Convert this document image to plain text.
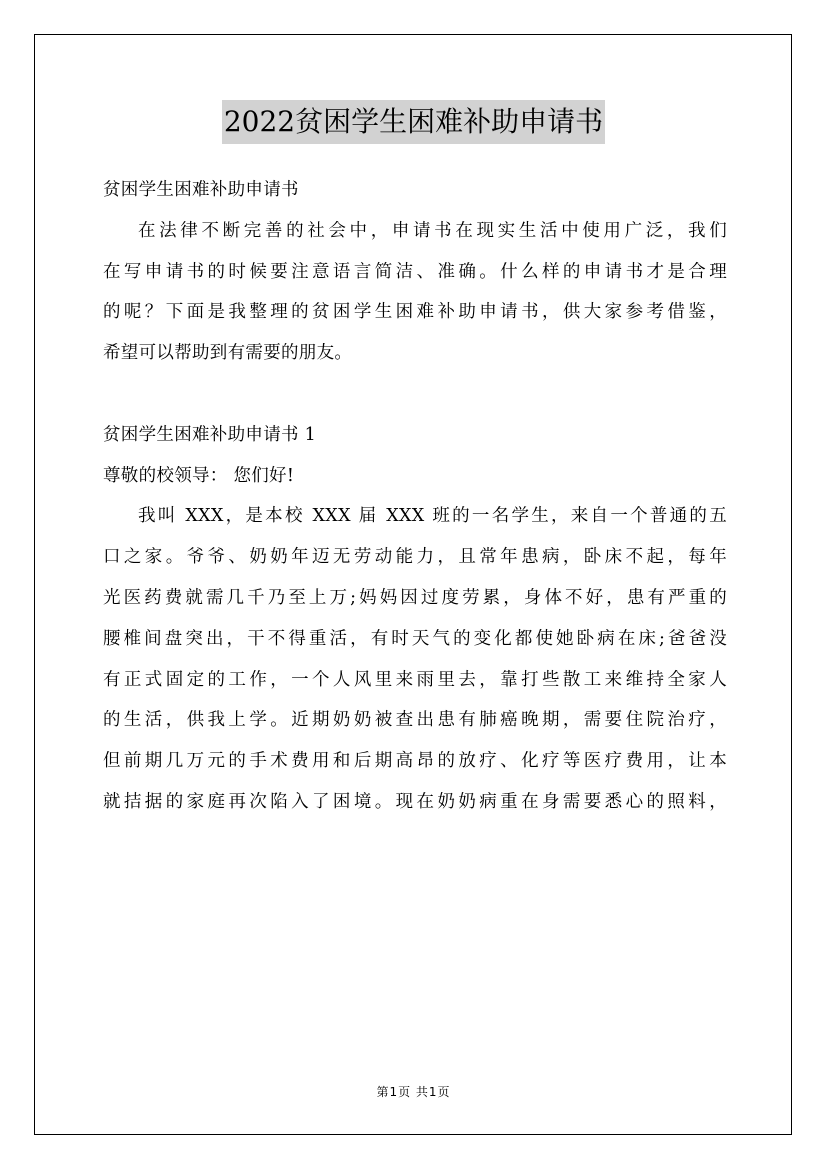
2022贫困学生困难补助申请书
贫困学生困难补助申请书
在法律不断完善的社会中，申请书在现实生活中使用广泛，我们
在写申请书的时候要注意语言简洁、准确。什么样的申请书才是合理
的呢？下面是我整理的贫困学生困难补助申请书，供大家参考借鉴，
希望可以帮助到有需要的朋友。
贫困学生困难补助申请书 1
尊敬的校领导： 您们好!
我叫 XXX，是本校 XXX 届 XXX 班的一名学生，来自一个普通的五
口之家。爷爷、奶奶年迈无劳动能力，且常年患病，卧床不起，每年
光医药费就需几千乃至上万;妈妈因过度劳累，身体不好，患有严重的
腰椎间盘突出，干不得重活，有时天气的变化都使她卧病在床;爸爸没
有正式固定的工作，一个人风里来雨里去，靠打些散工来维持全家人
的生活，供我上学。近期奶奶被查出患有肺癌晚期，需要住院治疗，
但前期几万元的手术费用和后期高昂的放疗、化疗等医疗费用，让本
就拮据的家庭再次陷入了困境。现在奶奶病重在身需要悉心的照料，
第1页 共1页
